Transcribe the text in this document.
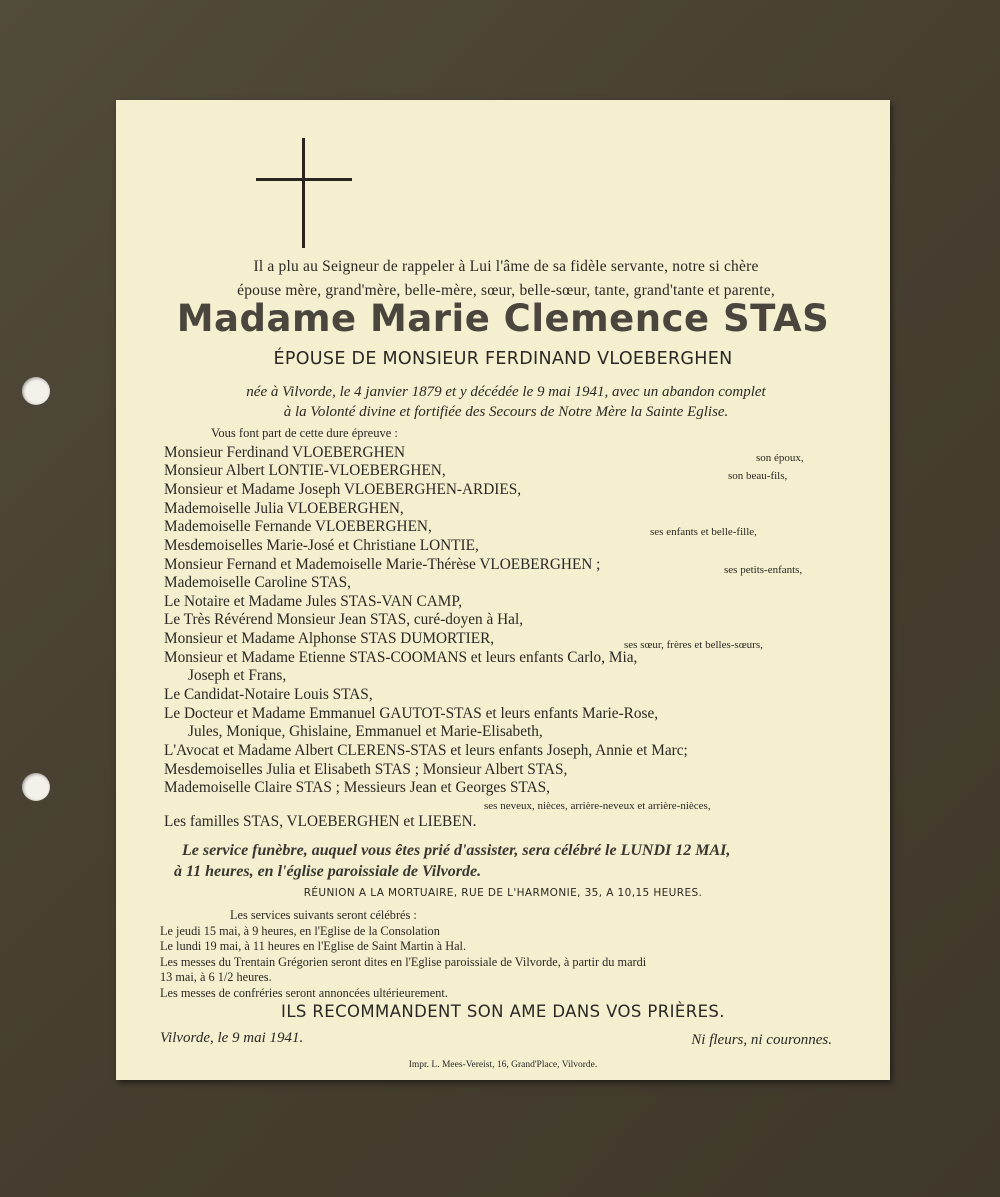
Il a plu au Seigneur de rappeler à Lui l'âme de sa fidèle servante, notre si chère
épouse mère, grand'mère, belle-mère, sœur, belle-sœur, tante, grand'tante et parente,
Madame Marie Clemence STAS
ÉPOUSE DE MONSIEUR FERDINAND VLOEBERGHEN
née à Vilvorde, le 4 janvier 1879 et y décédée le 9 mai 1941, avec un abandon complet
à la Volonté divine et fortifiée des Secours de Notre Mère la Sainte Eglise.
Vous font part de cette dure épreuve :
Monsieur Ferdinand VLOEBERGHEN	son époux,
Monsieur Albert LONTIE-VLOEBERGHEN,	son beau-fils,
Monsieur et Madame Joseph VLOEBERGHEN-ARDIES,
Mademoiselle Julia VLOEBERGHEN,
Mademoiselle Fernande VLOEBERGHEN,	ses enfants et belle-fille,
Mesdemoiselles Marie-José et Christiane LONTIE,
Monsieur Fernand et Mademoiselle Marie-Thérèse VLOEBERGHEN ;	ses petits-enfants,
Mademoiselle Caroline STAS,
Le Notaire et Madame Jules STAS-VAN CAMP,
Le Très Révérend Monsieur Jean STAS, curé-doyen à Hal,
Monsieur et Madame Alphonse STAS DUMORTIER,	ses sœur, frères et belles-sœurs,
Monsieur et Madame Etienne STAS-COOMANS et leurs enfants Carlo, Mia,
Joseph et Frans,
Le Candidat-Notaire Louis STAS,
Le Docteur et Madame Emmanuel GAUTOT-STAS et leurs enfants Marie-Rose,
Jules, Monique, Ghislaine, Emmanuel et Marie-Elisabeth,
L'Avocat et Madame Albert CLERENS-STAS et leurs enfants Joseph, Annie et Marc;
Mesdemoiselles Julia et Elisabeth STAS ; Monsieur Albert STAS,
Mademoiselle Claire STAS ; Messieurs Jean et Georges STAS,
ses neveux, nièces, arrière-neveux et arrière-nièces,
Les familles STAS, VLOEBERGHEN et LIEBEN.
Le service funèbre, auquel vous êtes prié d'assister, sera célébré le LUNDI 12 MAI,
à 11 heures, en l'église paroissiale de Vilvorde.
RÉUNION A LA MORTUAIRE, RUE DE L'HARMONIE, 35, A 10,15 HEURES.
Les services suivants seront célébrés :
Le jeudi 15 mai, à 9 heures, en l'Eglise de la Consolation
Le lundi 19 mai, à 11 heures en l'Eglise de Saint Martin à Hal.
Les messes du Trentain Grégorien seront dites en l'Eglise paroissiale de Vilvorde, à partir du mardi
13 mai, à 6 1/2 heures.
Les messes de confréries seront annoncées ultérieurement.
ILS RECOMMANDENT SON AME DANS VOS PRIÈRES.
Vilvorde, le 9 mai 1941.	Ni fleurs, ni couronnes.
Impr. L. Mees-Vereist, 16, Grand'Place, Vilvorde.
